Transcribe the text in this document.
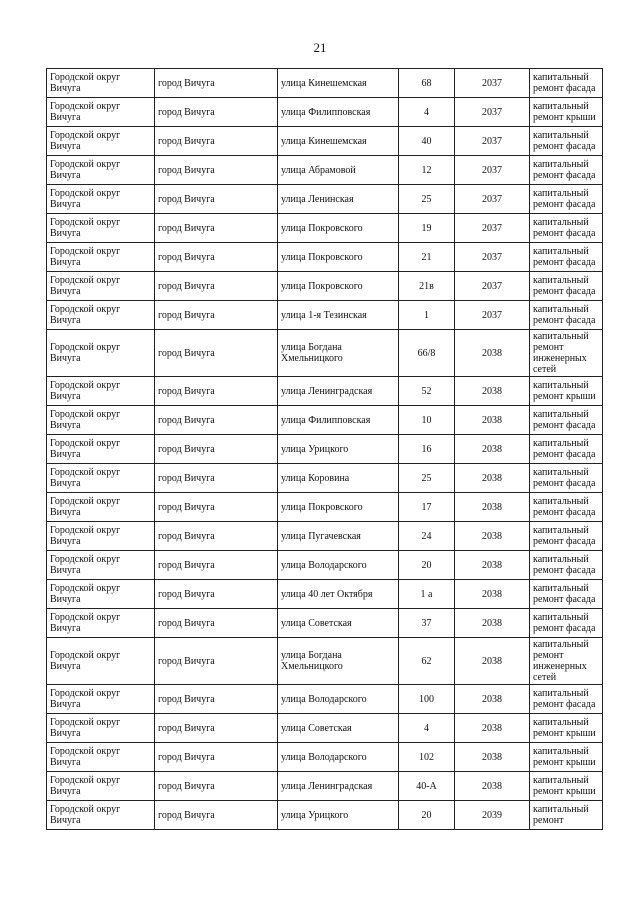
21
Городской округ Вичуга	город Вичуга	улица Кинешемская	68	2037	капитальный ремонт фасада
Городской округ Вичуга	город Вичуга	улица Филипповская	4	2037	капитальный ремонт крыши
Городской округ Вичуга	город Вичуга	улица Кинешемская	40	2037	капитальный ремонт фасада
Городской округ Вичуга	город Вичуга	улица Абрамовой	12	2037	капитальный ремонт фасада
Городской округ Вичуга	город Вичуга	улица Ленинская	25	2037	капитальный ремонт фасада
Городской округ Вичуга	город Вичуга	улица Покровского	19	2037	капитальный ремонт фасада
Городской округ Вичуга	город Вичуга	улица Покровского	21	2037	капитальный ремонт фасада
Городской округ Вичуга	город Вичуга	улица Покровского	21в	2037	капитальный ремонт фасада
Городской округ Вичуга	город Вичуга	улица 1-я Тезинская	1	2037	капитальный ремонт фасада
Городской округ Вичуга	город Вичуга	улица Богдана Хмельницкого	66/8	2038	капитальный ремонт инженерных сетей
Городской округ Вичуга	город Вичуга	улица Ленинградская	52	2038	капитальный ремонт крыши
Городской округ Вичуга	город Вичуга	улица Филипповская	10	2038	капитальный ремонт фасада
Городской округ Вичуга	город Вичуга	улица Урицкого	16	2038	капитальный ремонт фасада
Городской округ Вичуга	город Вичуга	улица Коровина	25	2038	капитальный ремонт фасада
Городской округ Вичуга	город Вичуга	улица Покровского	17	2038	капитальный ремонт фасада
Городской округ Вичуга	город Вичуга	улица Пугачевская	24	2038	капитальный ремонт фасада
Городской округ Вичуга	город Вичуга	улица Володарского	20	2038	капитальный ремонт фасада
Городской округ Вичуга	город Вичуга	улица 40 лет Октября	1 а	2038	капитальный ремонт фасада
Городской округ Вичуга	город Вичуга	улица Советская	37	2038	капитальный ремонт фасада
Городской округ Вичуга	город Вичуга	улица Богдана Хмельницкого	62	2038	капитальный ремонт инженерных сетей
Городской округ Вичуга	город Вичуга	улица Володарского	100	2038	капитальный ремонт фасада
Городской округ Вичуга	город Вичуга	улица Советская	4	2038	капитальный ремонт крыши
Городской округ Вичуга	город Вичуга	улица Володарского	102	2038	капитальный ремонт крыши
Городской округ Вичуга	город Вичуга	улица Ленинградская	40-А	2038	капитальный ремонт крыши
Городской округ Вичуга	город Вичуга	улица Урицкого	20	2039	капитальный ремонт
